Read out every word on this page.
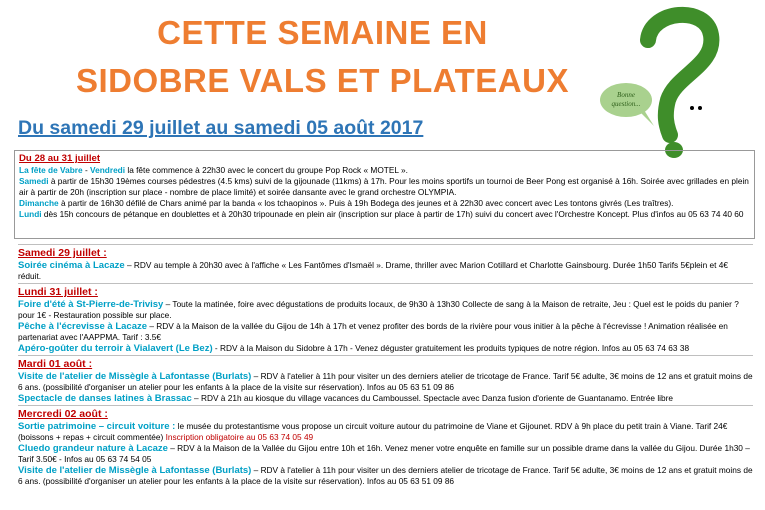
CETTE SEMAINE EN
SIDOBRE VALS ET PLATEAUX	Bonne
question...
Du samedi 29 juillet au samedi 05 août 2017
Du 28 au 31 juillet
La fête de Vabre - Vendredi la fête commence à 22h30 avec le concert du groupe Pop Rock « MOTEL ».
Samedi à partir de 15h30 19èmes courses pédestres (4.5 kms) suivi de la gijounade (11kms) à 17h. Pour les moins sportifs un tournoi de Beer Pong est organisé à 16h. Soirée avec grillades en plein air à partir de 20h (inscription sur place - nombre de place limité) et soirée dansante avec le grand orchestre OLYMPIA.
Dimanche à partir de 16h30 défilé de Chars animé par la banda « los tchaopinos ». Puis à 19h Bodega des jeunes et à 22h30 avec concert avec Les tontons givrés (Les traîtres).
Lundi dès 15h concours de pétanque en doublettes et à 20h30 tripounade en plein air (inscription sur place à partir de 17h) suivi du concert avec l'Orchestre Koncept. Plus d'infos au 05 63 74 40 60
Samedi 29 juillet :
Soirée cinéma à Lacaze – RDV au temple à 20h30 avec à l'affiche « Les Fantômes d'Ismaël ». Drame, thriller avec Marion Cotillard et Charlotte Gainsbourg. Durée 1h50 Tarifs 5€plein et 4€ réduit.
Lundi 31 juillet :
Foire d'été à St-Pierre-de-Trivisy – Toute la matinée, foire avec dégustations de produits locaux, de 9h30 à 13h30 Collecte de sang à la Maison de retraite, Jeu : Quel est le poids du panier ? pour 1€ - Restauration possible sur place.
Pêche à l'écrevisse à Lacaze – RDV à la Maison de la vallée du Gijou de 14h à 17h et venez profiter des bords de la rivière pour vous initier à la pêche à l'écrevisse ! Animation réalisée en partenariat avec l'AAPPMA. Tarif : 3.5€
Apéro-goûter du terroir à Vialavert (Le Bez) - RDV à la Maison du Sidobre à 17h - Venez déguster gratuitement les produits typiques de notre région. Infos au 05 63 74 63 38
Mardi 01 août :
Visite de l'atelier de Missègle à Lafontasse (Burlats) – RDV à l'atelier à 11h pour visiter un des derniers atelier de tricotage de France. Tarif 5€ adulte, 3€ moins de 12 ans et gratuit moins de 6 ans. (possibilité d'organiser un atelier pour les enfants à la place de la visite sur réservation). Infos au 05 63 51 09 86
Spectacle de danses latines à Brassac – RDV à 21h au kiosque du village vacances du Camboussel. Spectacle avec Danza fusion d'oriente de Guantanamo. Entrée libre
Mercredi 02 août :
Sortie patrimoine – circuit voiture : le musée du protestantisme vous propose un circuit voiture autour du patrimoine de Viane et Gijounet. RDV à 9h place du petit train à Viane. Tarif 24€ (boissons + repas + circuit commentée) Inscription obligatoire au 05 63 74 05 49
Cluedo grandeur nature à Lacaze – RDV à la Maison de la Vallée du Gijou entre 10h et 16h. Venez mener votre enquête en famille sur un possible drame dans la vallée du Gijou. Durée 1h30 – Tarif 3.50€ - Infos au 05 63 74 54 05
Visite de l'atelier de Missègle à Lafontasse (Burlats) – RDV à l'atelier à 11h pour visiter un des derniers atelier de tricotage de France. Tarif 5€ adulte, 3€ moins de 12 ans et gratuit moins de 6 ans. (possibilité d'organiser un atelier pour les enfants à la place de la visite sur réservation). Infos au 05 63 51 09 86
